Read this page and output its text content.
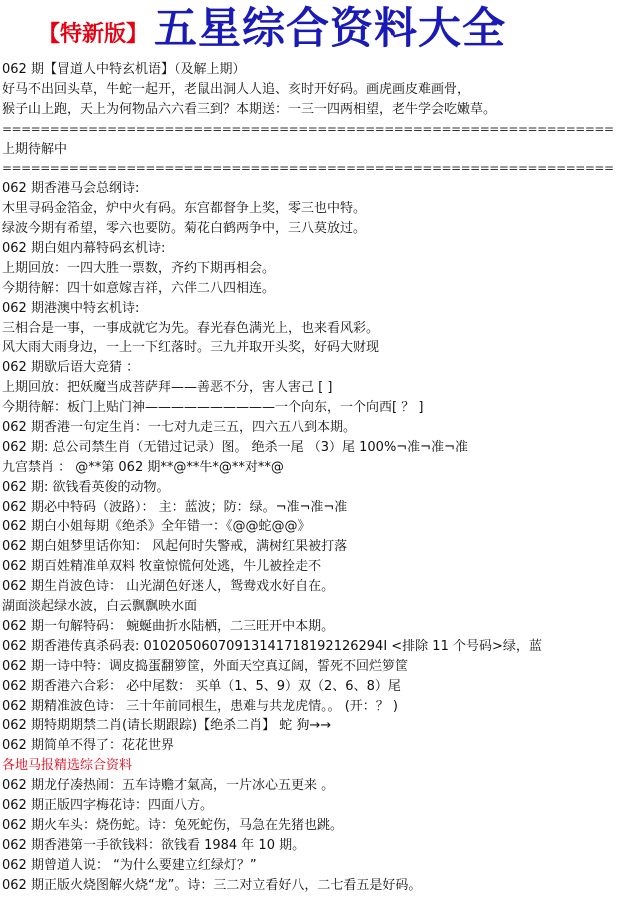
【特新版】 五星综合资料大全
062 期【冒道人中特玄机语】（及解上期）
好马不出回头草，牛蛇一起开，老鼠出洞人人追、亥时开好码。画虎画皮难画骨，
猴子山上跑，天上为何物品六六看三到？本期送：一三一四两相望，老牛学会吃嫩草。
================================================================
上期待解中
================================================================
062 期香港马会总纲诗:
木里寻码金箔金，炉中火有码。东宫都督争上奖，零三也中特。
绿波今期有希望，零六也要防。菊花白鹤两争中，三八莫放过。
062 期白姐内幕特码玄机诗:
上期回放：一四大胜一票数，齐约下期再相会。
今期待解：四十如意嫁吉祥，六伴二八四相连。
062 期港澳中特玄机诗:
三相合是一事，一事成就它为先。春光春色满光上，也来看风彩。
风大雨大雨身边，一上一下红落时。三九并取开头奖，好码大财现
062 期歇后语大竞猜 ：
上期回放：把妖魔当成菩萨拜——善恶不分，害人害己 [ ]
今期待解：板门上贴门神——————————一个向东，一个向西[ ？ ]
062 期香港一句定生肖：一七对九走三五，四六五八到本期。
062 期: 总公司禁生肖（无错过记录）图。 绝杀一尾 （3）尾 100%¬准¬准¬准
九宫禁肖 ： @**第 062 期**@**牛*@**对**@
062 期: 欲钱看英俊的动物。
062 期必中特码（波路）： 主：蓝波；防：绿。¬准¬准¬准
062 期白小姐每期《绝杀》全年错一：《@@蛇@@》
062 期白姐梦里话你知： 风起何时失警戒，满树红果被打落
062 期百姓精准单双料 牧童惊慌何处逃，牛儿被拴走不
062 期生肖波色诗： 山光湖色好迷人，鸳鸯戏水好自在。
湖面淡起绿水波，白云飘飘映水面
062 期一句解特码： 蜿蜒曲折水陆栖，二三旺开中本期。
062 期香港传真杀码表: 01020506070913141718192126294I <排除 11 个号码>绿，蓝
062 期一诗中特：调皮捣蛋翻箩筐，外面天空真辽阔，誓死不回烂箩筐
062 期香港六合彩： 必中尾数： 买单（1、5、9）双（2、6、8）尾
062 期精准波色诗： 三十年前同根生，患难与共龙虎情。。 (开：？ )
062 期特期期禁二肖(请长期跟踪)【绝杀二肖】 蛇 狗→→
062 期简单不得了：花花世界
各地马报精选综合资料
062 期龙仔凑热闹：五车诗赡才氣高，一片冰心五更来 。
062 期正版四字梅花诗：四面八方。
062 期火车头：烧伤蛇。诗：兔死蛇伤，马急在先猪也跳。
062 期香港第一手欲钱料：欲钱看 1984 年 10 期。
062 期曾道人说： “为什么要建立红绿灯？”
062 期正版火烧图解火烧“龙”。诗：三二对立看好八，二七看五是好码。
